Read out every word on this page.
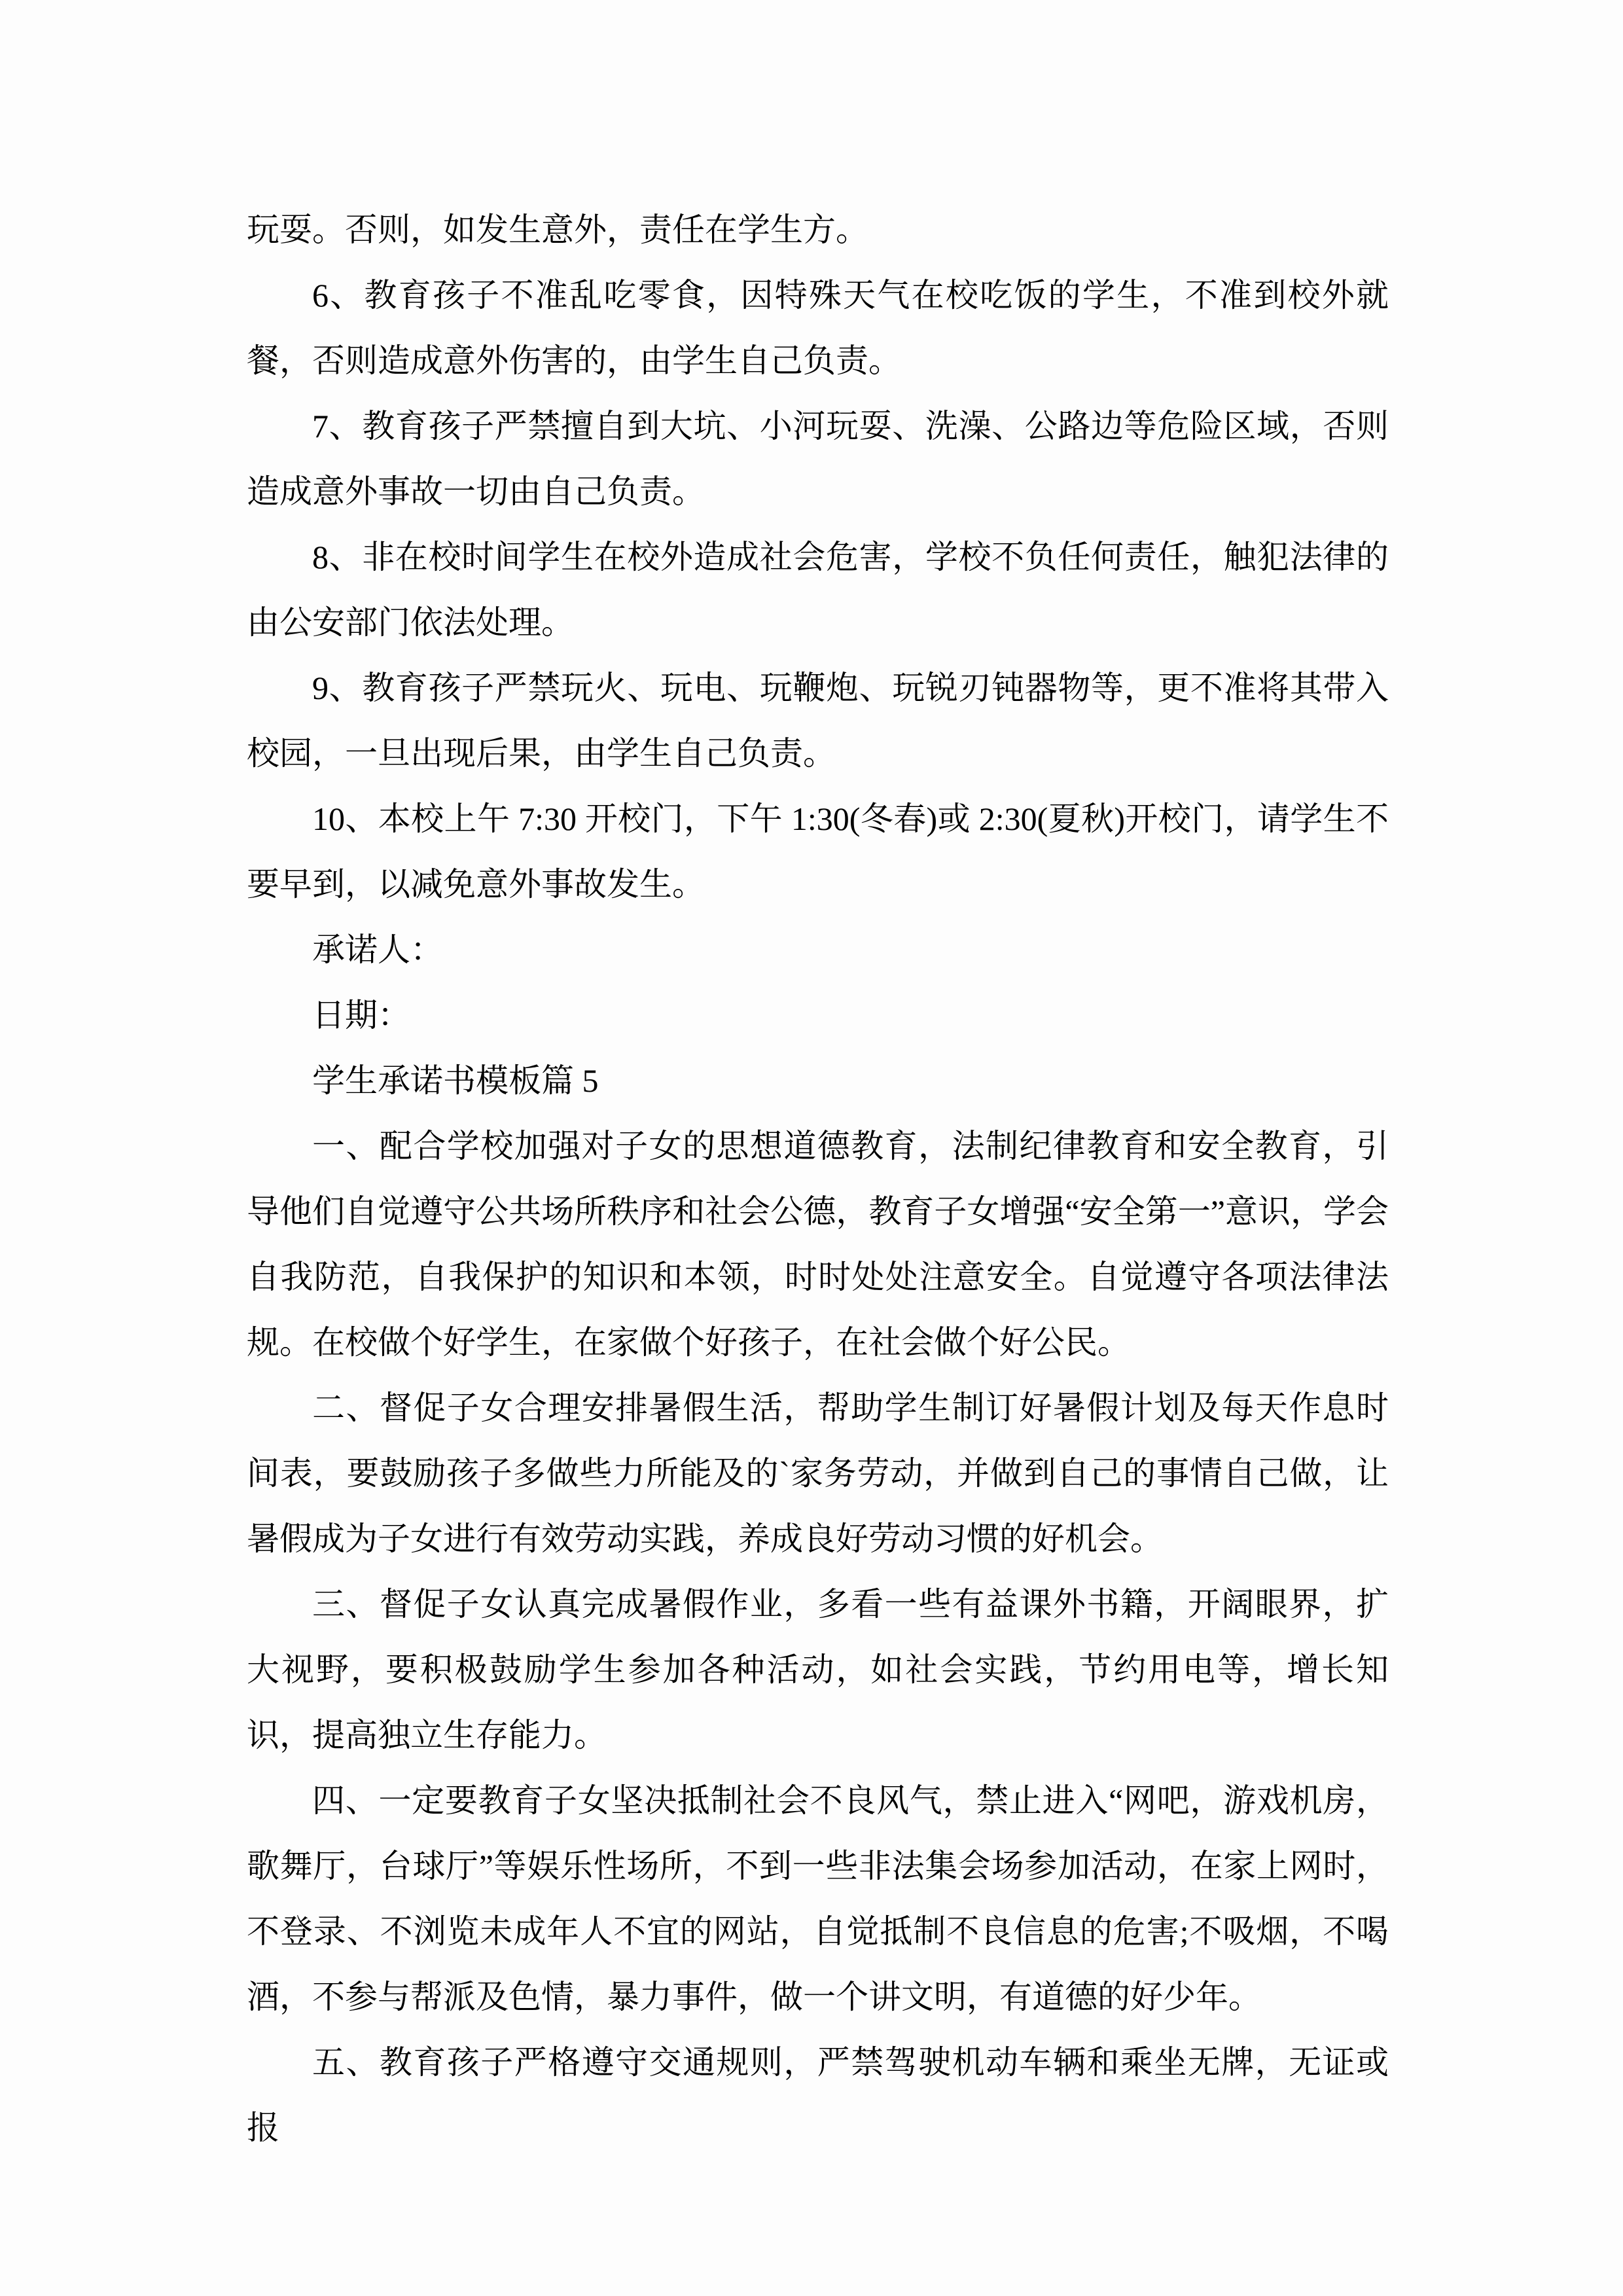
玩耍。否则，如发生意外，责任在学生方。

6、教育孩子不准乱吃零食，因特殊天气在校吃饭的学生，不准到校外就餐，否则造成意外伤害的，由学生自己负责。

7、教育孩子严禁擅自到大坑、小河玩耍、洗澡、公路边等危险区域，否则造成意外事故一切由自己负责。

8、非在校时间学生在校外造成社会危害，学校不负任何责任，触犯法律的由公安部门依法处理。

9、教育孩子严禁玩火、玩电、玩鞭炮、玩锐刃钝器物等，更不准将其带入校园，一旦出现后果，由学生自己负责。

10、本校上午 7:30 开校门，下午 1:30(冬春)或 2:30(夏秋)开校门，请学生不要早到，以减免意外事故发生。

承诺人：

日期：

学生承诺书模板篇 5

一、配合学校加强对子女的思想道德教育，法制纪律教育和安全教育，引导他们自觉遵守公共场所秩序和社会公德，教育子女增强“安全第一”意识，学会自我防范，自我保护的知识和本领，时时处处注意安全。自觉遵守各项法律法规。在校做个好学生，在家做个好孩子，在社会做个好公民。

二、督促子女合理安排暑假生活，帮助学生制订好暑假计划及每天作息时间表，要鼓励孩子多做些力所能及的`家务劳动，并做到自己的事情自己做，让暑假成为子女进行有效劳动实践，养成良好劳动习惯的好机会。

三、督促子女认真完成暑假作业，多看一些有益课外书籍，开阔眼界，扩大视野，要积极鼓励学生参加各种活动，如社会实践，节约用电等，增长知识，提高独立生存能力。

四、一定要教育子女坚决抵制社会不良风气，禁止进入“网吧，游戏机房，歌舞厅，台球厅”等娱乐性场所，不到一些非法集会场参加活动，在家上网时，不登录、不浏览未成年人不宜的网站，自觉抵制不良信息的危害;不吸烟，不喝酒，不参与帮派及色情，暴力事件，做一个讲文明，有道德的好少年。

五、教育孩子严格遵守交通规则，严禁驾驶机动车辆和乘坐无牌，无证或报
